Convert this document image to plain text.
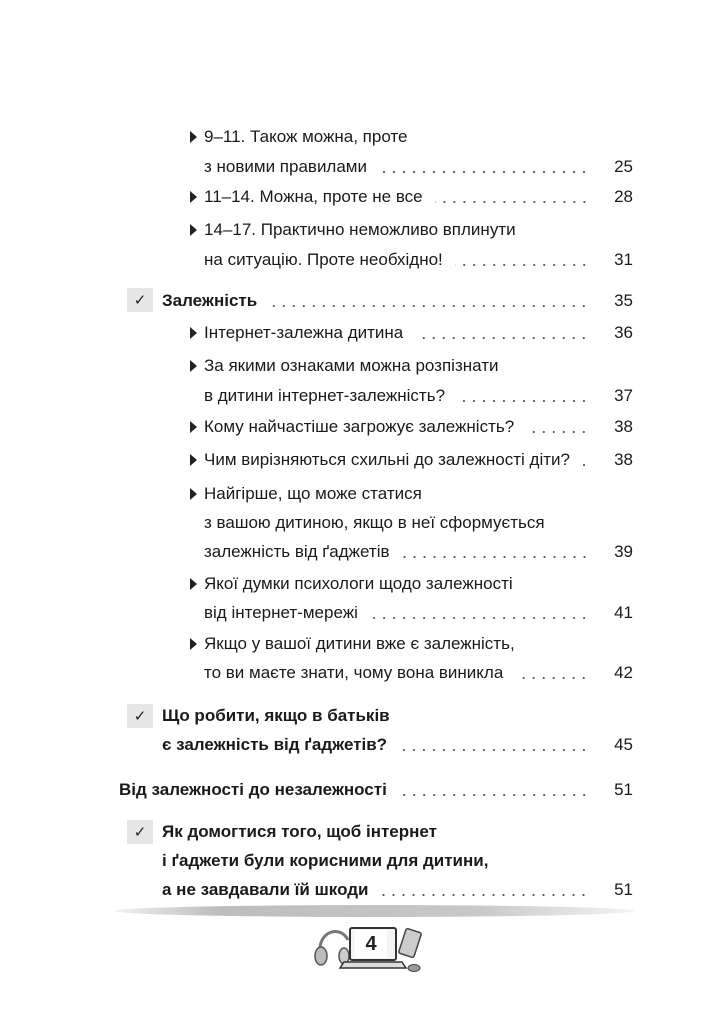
9–11. Також можна, проте
з новими правилами	25
11–14. Можна, проте не все	28
14–17. Практично неможливо вплинути
на ситуацію. Проте необхідно!	31
✓ Залежність	35
Інтернет-залежна дитина	36
За якими ознаками можна розпізнати
в дитини інтернет-залежність?	37
Кому найчастіше загрожує залежність?	38
Чим вирізняються схильні до залежності діти?	38
Найгірше, що може статися
з вашою дитиною, якщо в неї сформується
залежність від ґаджетів	39
Якої думки психологи щодо залежності
від інтернет-мережі	41
Якщо у вашої дитини вже є залежність,
то ви маєте знати, чому вона виникла	42
✓ Що робити, якщо в батьків
є залежність від ґаджетів?	45
Від залежності до незалежності	51
✓ Як домогтися того, щоб інтернет
і ґаджети були корисними для дитини,
а не завдавали їй шкоди	51
4
